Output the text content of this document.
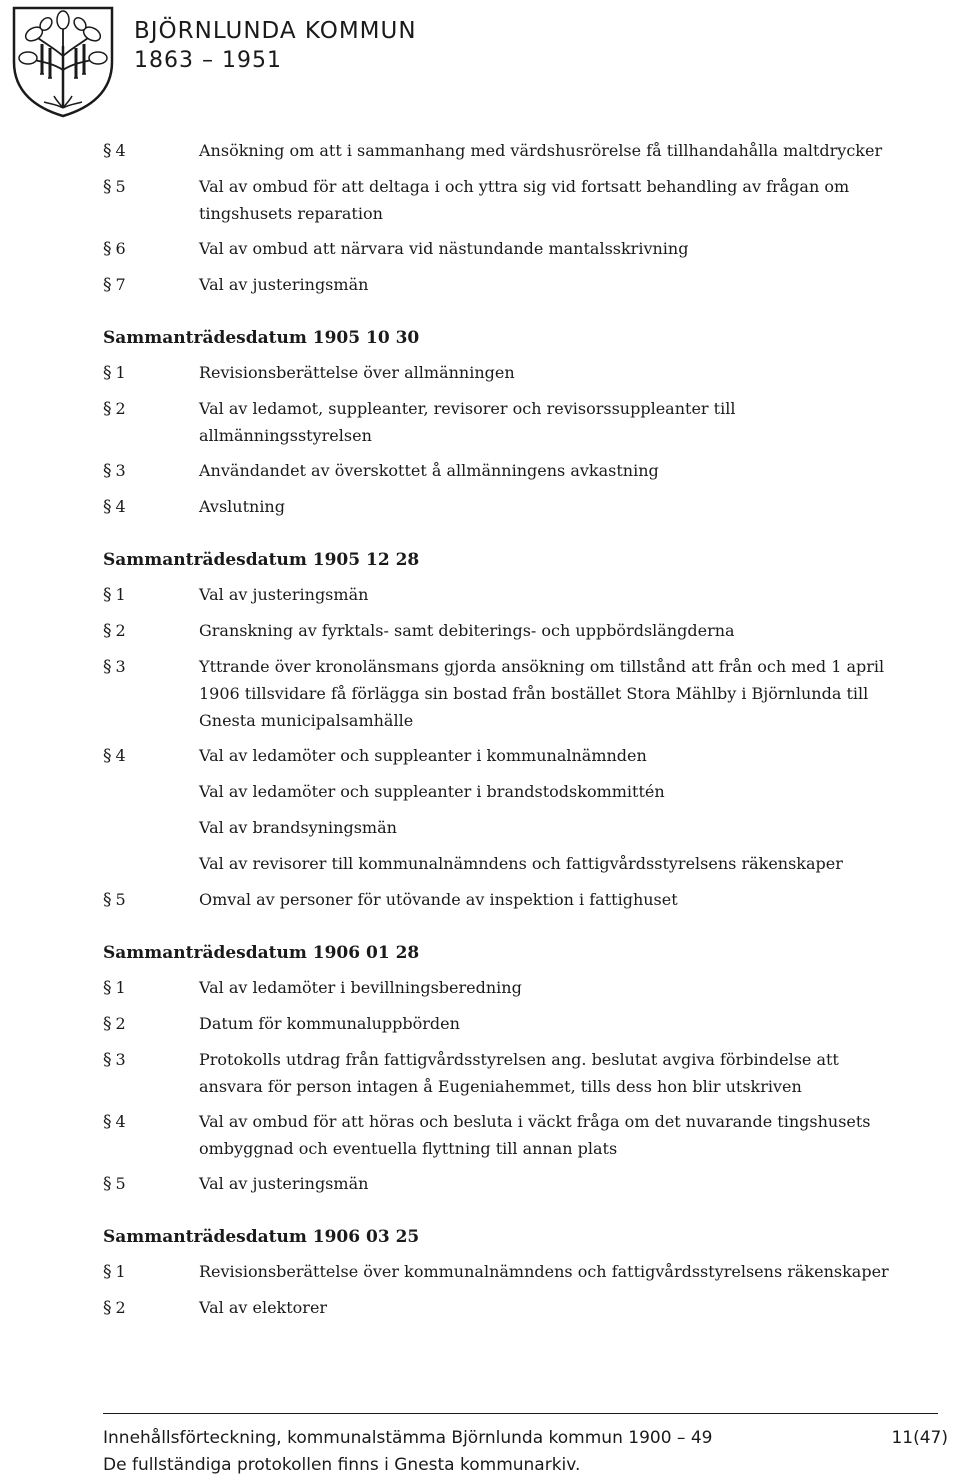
BJÖRNLUNDA KOMMUN
1863 – 1951
§ 4	Ansökning om att i sammanhang med värdshusrörelse få tillhandahålla maltdrycker
§ 5	Val av ombud för att deltaga i och yttra sig vid fortsatt behandling av frågan om tingshusets reparation
§ 6	Val av ombud att närvara vid nästundande mantalsskrivning
§ 7	Val av justeringsmän
Sammanträdesdatum 1905 10 30
§ 1	Revisionsberättelse över allmänningen
§ 2	Val av ledamot, suppleanter, revisorer och revisorssuppleanter till allmänningsstyrelsen
§ 3	Användandet av överskottet å allmänningens avkastning
§ 4	Avslutning
Sammanträdesdatum 1905 12 28
§ 1	Val av justeringsmän
§ 2	Granskning av fyrktals- samt debiterings- och uppbördslängderna
§ 3	Yttrande över kronolänsmans gjorda ansökning om tillstånd att från och med 1 april 1906 tillsvidare få förlägga sin bostad från bostället Stora Mählby i Björnlunda till Gnesta municipalsamhälle
§ 4	Val av ledamöter och suppleanter i kommunalnämnden
Val av ledamöter och suppleanter i brandstodskommittén
Val av brandsyningsmän
Val av revisorer till kommunalnämndens och fattigvårdsstyrelsens räkenskaper
§ 5	Omval av personer för utövande av inspektion i fattighuset
Sammanträdesdatum 1906 01 28
§ 1	Val av ledamöter i bevillningsberedning
§ 2	Datum för kommunaluppbörden
§ 3	Protokolls utdrag från fattigvårdsstyrelsen ang. beslutat avgiva förbindelse att ansvara för person intagen å Eugeniahemmet, tills dess hon blir utskriven
§ 4	Val av ombud för att höras och besluta i väckt fråga om det nuvarande tingshusets ombyggnad och eventuella flyttning till annan plats
§ 5	Val av justeringsmän
Sammanträdesdatum 1906 03 25
§ 1	Revisionsberättelse över kommunalnämndens och fattigvårdsstyrelsens räkenskaper
§ 2	Val av elektorer
Innehållsförteckning, kommunalstämma Björnlunda kommun 1900 – 49
De fullständiga protokollen finns i Gnesta kommunarkiv.
11(47)
